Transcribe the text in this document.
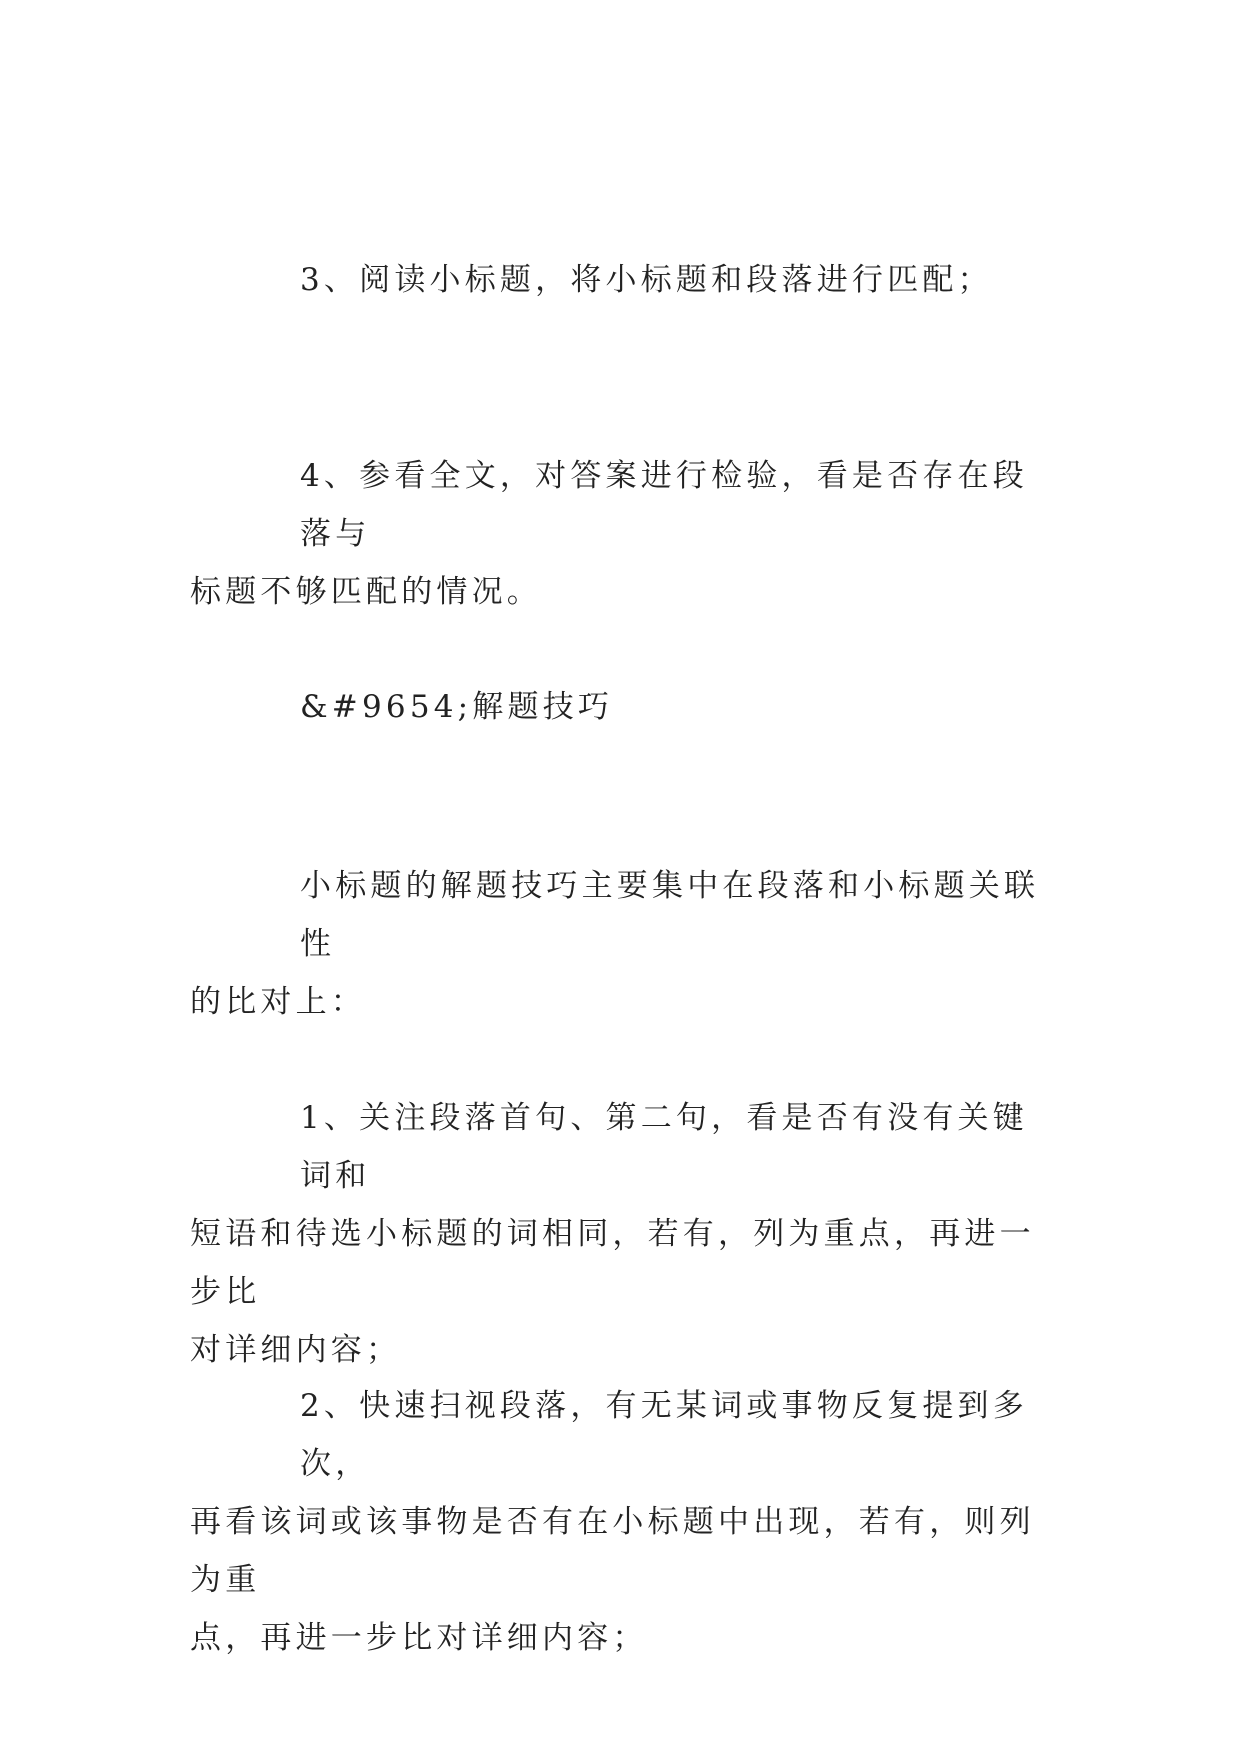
3、阅读小标题，将小标题和段落进行匹配；
4、参看全文，对答案进行检验，看是否存在段落与
标题不够匹配的情况。
&#9654;解题技巧
小标题的解题技巧主要集中在段落和小标题关联性
的比对上：
1、关注段落首句、第二句，看是否有没有关键词和
短语和待选小标题的词相同，若有，列为重点，再进一步比
对详细内容；
2、快速扫视段落，有无某词或事物反复提到多次，
再看该词或该事物是否有在小标题中出现，若有，则列为重
点，再进一步比对详细内容；
